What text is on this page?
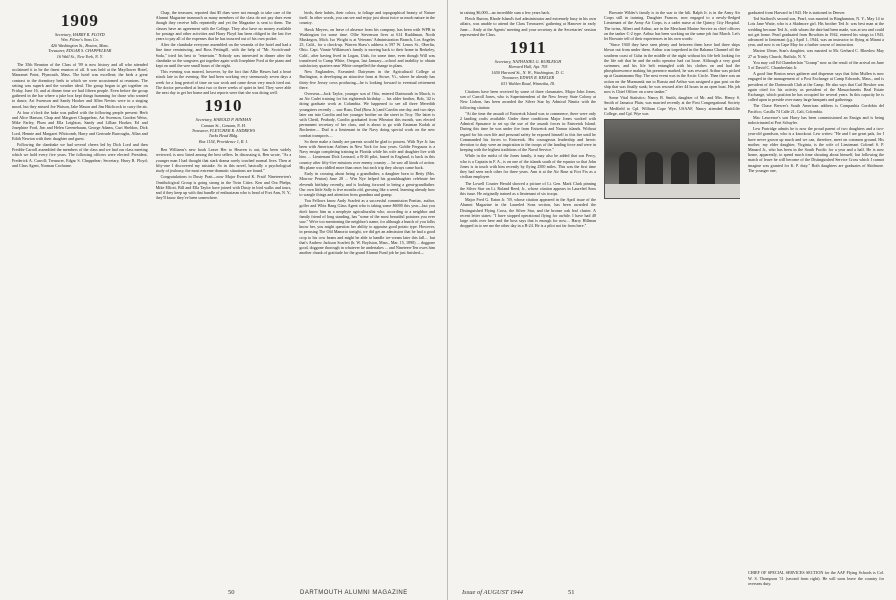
1909
Secretary, HARRY R. FLOYD
Wm. Filene's Sons Co.
426 Washington St., Boston, Mass.
Treasurer, EDGAR S. CHAPPELEAR
16 Wall St., New York, N. Y.

The 35th Reunion of the Class of '09 is now history and all who attended acclaimed it to be the finest reunion of all. It was held at the Mayflower Hotel, Manomet Point, Plymouth, Mass. The hotel was excellent; the beds a great contrast to the dormitory beds to which we were accustomed at reunions. The setting was superb and the weather ideal. The group began to get together on Friday, June 16, and at dinner time we had fifteen people. Even before the group gathered in the bar where a juke box kept things humming for those who wanted to dance, Art Swenson and Sandy Hooker and Allen Nevins were in a singing mood, but they missed Joe Watson, Jake Mason and Jim Hitchcock to carry the air.

At four o'clock the bake was pulled with the following people present: Herb and Alice Hanson, Chap and Margaret Chappelear, Art Swenson, Gordon Weiss, Mike Farley, Plum and Ella Leighton, Sandy and Lillian Hooker, Ed and Josephine Ford, Jim and Helen Greenebaum, George Adams, Curt Sheldon, Dick Lord, Hennie and Margaret Whitcomb, Harry and Gertrude Burroughs, Allan and Edith Newton with their daughter and guest.

Following the clambake we had several cheers led by Dick Lord and then Freddie Carroll assembled the members of the class and we had our class meeting which we hold every five years. The following officers were elected: President, Frederick A. Carroll; Treasurer, Edgar S. Chappelear; Secretary, Harry R. Floyd; and Class Agent, Norman Cochrane.

Chap, the treasurer, reported that $5 dues were not enough to take care of the Alumni Magazine inasmuch as many members of the class do not pay dues even though they receive bills repeatedly and yet the Magazine is sent to them. The classes have an agreement with the College. They also have no money available for postage and other activities and Harry Floyd has been obliged in the last five years to pay all of the expenses that he has incurred out of his own pocket.

After the clambake everyone assembled on the veranda of the hotel and had a fine time reminiscing, and Ross Pettingill, with the help of "Mr. Scotch-and-Soda," tried his best to "entertain." Nobody was interested in dinner after the clambake so the songsters got together again with Josephine Ford at the piano and kept on until the wee small hours of the night.

This evening was marred, however, by the fact that Allie Hawes had a heart attack late in the evening. She had been working very strenuously seven days a week for a long period of time on war work and came down very much tired out. The doctor prescribed at least two or three weeks of quiet in bed. They were able the next day to get her home and last reports were that she was doing well.

1910
Secretary, HAROLD P. HINMAN
Canaan St., Canaan, N. H.
Treasurer, FLETCHER R. ANDREWS
Turks Head Bldg.
Box 1154, Providence 1, R. I.

Ben Williams's new book Leave Her to Heaven is out, has been widely reviewed, is now listed among the best sellers. In discussing it, Ben wrote, "As a younger man I had thought that stark drama rarely touched normal lives. Then at fifty-one I discovered my mistake. So in this novel, basically a psychological study of jealousy, the most extreme dramatic situations are found."

Congratulations to Dusty Pratt—now Major Everard K. Pratt! Nineteen-ten's Ornithological Group is going strong in the Twin Cities. Ken and Ora Phelps, Mike Elliott, Bill and Ella Taylor have joined with Dusty in bird walks and tours, and if they keep up with that bundle of enthusiasm who is head of Fort Ann, N. Y., they'll know they've been somewhere.

birds, their habits, their colors, to foliage and topographical beauty of Nature itself. In other words, you can see and enjoy just about twice as much nature in the country.

Hawk Meyers, on leave of absence from his company, has been with WPB in Washington for some time. Ollie Stevenson lives at 614 Ruddiman, North Muskegon, Mich. Iso Wright is at Veterans' Administration Branch, Los Angeles 25, Calif., for a check-up. Warren Shaw's address is 597 W. Lenox St., Oberlin, Ohio. Capt. Vinnie Wilkinson's family is moving back to their home in Berkeley, Calif., after having lived in Logan, Utah, for some time, even though Will was transferred to Camp White, Oregon, last January—school and inability to obtain satisfactory quarters near White compelled the change in plans.

New Englanders, Exeunted: Dairymen in the Agricultural College at Burlington, is developing an attractive farm at Stowe, Vt., where he already has thirty-five Jersey cows producing—he is looking forward to eventual retirement there.

Overseas—Jack Taylor, younger son of Otto, entered Dartmouth in March, is an Air Cadet training for his eighteenth birthday ... his older brother, Bob, '42 is doing graduate work at Columbia. We happened to see all three Meredith youngsters recently ... saw Russ, Dud (Ross Jr.) and Carolin one day, and two days later ran into Carolin and her younger brother on the street in Troy. The latter is with Chettl, Peabody, Carolin graduated from Wheaton this month, was elected permanent secretary of her class, and is about to go with Eastman Kodak at Rochester.... Dud is a lieutenant in the Navy doing special work on the new combat transports....

So there make a family are parents would be glad to possess. With Nye Jr. has been with American Airlines in New York for four years. Goldie Ferguson is a Navy ensign completing training in Florida while his wife and daughter live with him. ... Lieutenant Dick Leonard, a B-26 pilot, based in England, is back in this country after fifty-five missions over enemy country ... he saw all kinds of action. His plane was riddled more than once; but each trip they always came back.

Early in crossing about being a grandfather, a daughter born to Betty (Mrs. Morrow Penton) June 28 ... Win Nye helped his granddaughter celebrate her eleventh birthday recently, and is looking forward to being a great-grandfather. Our own little Sally is five months old, growing like a weed, learning already how to wangle things and attention from grandma and gramp.

You Fellows know Andy Scarlett as a successful commission Pontiac, author, golfer and Whiz Bang Glass Agent who is taking some $6000 this year—but you don't know him as a neophyte agriculturalist who, according to a neighbor and family friend of long standing, has "some of the most beautiful potatoes you ever saw." We're too mentioning the neighbor's name, for although a bunch of you folks know her, you might question her ability to appraise good potato type. However, in perusing The Old Manorio tonight, we did get an admission that he had a good crop to his cow beans and might be able to handle ice-cream later this fall.... but that's Andrew Jackson Scarlett (b. W. Boylston, Mass., Mar. 15, 1890) ... doggone good, doggone thorough in whatever he undertakes ... and Nineteen-Ten owes him another chunk of gratitude for the grand Alumni Fund job he just finished—

50	DARTMOUTH ALUMNI MAGAZINE

in raising $6,000—an incredible sum a few years back.

Fletch Burton, Rhode Island's fuel administrator and extremely busy in his own affairs, was unable to attend the Class Treasurers' gathering at Hanover in early June.... Andy at the Agents' meeting and your secretary at the Secretaries' session represented the Class.

1911
Secretary, NATHANIEL G. BURLEIGH
Harvard Hall, Apt. 705
1650 Harvard St., N. W., Washington, D. C.
Treasurer, EDWIN R. KEELER
631 Walden Road, Winnetka, Ill.

Citations have been received by some of three classmates. Major John Jones, son of Carroll Jones, who is Superintendent of the New Jersey State Colony at New Lisbon, has been awarded the Silver Star by Admiral Nimitz with the following citation:

"At the time the assault of Eniwetok Island was to commence, there were only 2 landing crafts available. Under these conditions Major Jones worked with Admiral Spruance to set up the use of the assault forces in Eniwetok Island. During this time he was under fire from Eniwetok and Namur islands. Without regard for his own life and personal safety he exposed himself to this fire until he Commanded his forces to Eniwetok. His courageous leadership and heroic devotion to duty were an inspiration to the troops of the landing force and were in keeping with the highest traditions of the Naval Service."

While in the midst of the Jones family, it may also be added that son Percy, who is a Captain in F. A., is on one of the islands south of the equator so that John Jones is in touch with him recently by flying 2500 miles. This was the first time they had seen each other for three years. Ann is at the Air Base at Fort Fix as a civilian employee.

The Lowell Courier Herald showed a picture of Lt. Gen. Mark Clark pinning the Silver Star on Lt. Roland Reed, Jr., whose citation appears in Laureled Sons this issue. He originally trained as a lieutenant of six troops.

Major Fred G. Eaton Jr. '39, whose citation appeared in the April issue of the Alumni Magazine in the Laureled Sons section, has been awarded the Distinguished Flying Cross, the Silver Star, and the bronze oak leaf cluster. A recent letter states: "I have stopped operational flying for awhile. I have had 48 large raids over here and the boss says that is enough for now.... Harry Hillman dropped in to see me the other day in a B-24. He is a pilot not far from here."

Brownie Wilder's family is in the war to the hilt. Ralph Jr. is in the Army Air Corps still in training. Daughter Frances, now engaged to a newly-fledged Lieutenant of the Army Air Corps, is a cadet nurse at the Quincy City Hospital. The twins, Albert and Arthur, are in the Merchant Marine Service as chief officers on the tanker C-2 type. Arthur has been working on the same job fast March. Let's let Brownie tell of their experiences in his own words:

"Since 1940 they have seen plenty and between them have had three ships blown out from under them. Arthur was torpedoed in the Bahama Channel off the southern coast of Cuba in the middle of the night without his life belt looking for the life raft that he and the radio operator had cut loose. Although a very good swimmer, and his life belt entangled with his clothes on and had the phosphorescence making his presence marked, he was rescued. Arthur was picked up at Guantanamo Bay. The next event was in the Arctic Circle. Then there was an action on the Murmansk run to Russia and Arthur was assigned a gun post on the ship that was finally sunk; he was rescued after 44 hours in an open boat. His job now is Chief Officer on a new tanker."

Some Vital Statistics: Nancy B. Smith, daughter of Mr. and Mrs. Henry S. Smith of Jamaica Plain, was married recently at the First Congregational Society in Medfield to Cpl. William Cope Wye, USAAF, Nancy attended Radcliffe College, and Cpl. Wye was

graduated from Harvard in 1943. He is stationed in Denver.

Ted Stafford's second son, Pearl, was married in Binghamton, N. Y., May 14 to Lois Jane Waite, who is a Skidmore girl. His brother Ted Jr. was best man at the wedding because Ted Jr., with whom the date had been made, was at sea and could not get home. Pearl graduated from Bowdoin in 1942, entered his wings in 1943, advanced to lieutenant (j.g.) April 1, 1944, was an instructor in flying at Miami a year, and now is on Cape May for a further course of instruction.

Marion Ulmer, Stan's daughter, was married to Mr. Gerhard C. Bloedow May 27 at Trinity Church, Buffalo, N. Y.

You may call Ed Chamberlain "Gramp" now as the result of the arrival on June 5 of David C. Chamberlain Jr.

A good line Boston news gatherer and dispenser says that John Mullen is now engaged in the management of a Post Exchange at Camp Edwards, Mass., and is president of the Dartmouth Club at the Camp. He also says that Carl Bowker was again cited for his activity as president of the Massachusetts Real Estate Exchange, which position he has occupied for several years. In this capacity he is called upon to preside over many large banquets and gatherings.

The Chase Brewer's South American address is Companhia Cordobia del Pacifico, Casilla 74 Calle 21, Cali, Colombia.

Mac Lawrence's son Harry has been commissioned an Ensign and is being indoctrinated at Port Schuyler.

Lew Partridge admits he is now the proud parent of two daughters and a two-year-old grandson, who is a knockout. Lew writes: "He and I are great pals, for I have never grown up much and we can, therefore, meet on common ground. His mother, my elder daughter, Virginia, is the wife of Lieutenant Colonel S. P. Manard Jr., who has been in the South Pacific for a year and a half. He is now home, apparently, to spend much time shouting about himself, but following the match of leave he will become of the Distinguished Service Cross which I cannot imagine was granted for K. P. duty." Both daughters are graduates of Skidmore. The younger one,

CHIEF OF SPECIAL SERVICES SECTION for the AAF Flying Schools is Col. W. S. Thompson '11 (second from right). He will soon leave the country for overseas duty.
Issue of AUGUST 1944	51
